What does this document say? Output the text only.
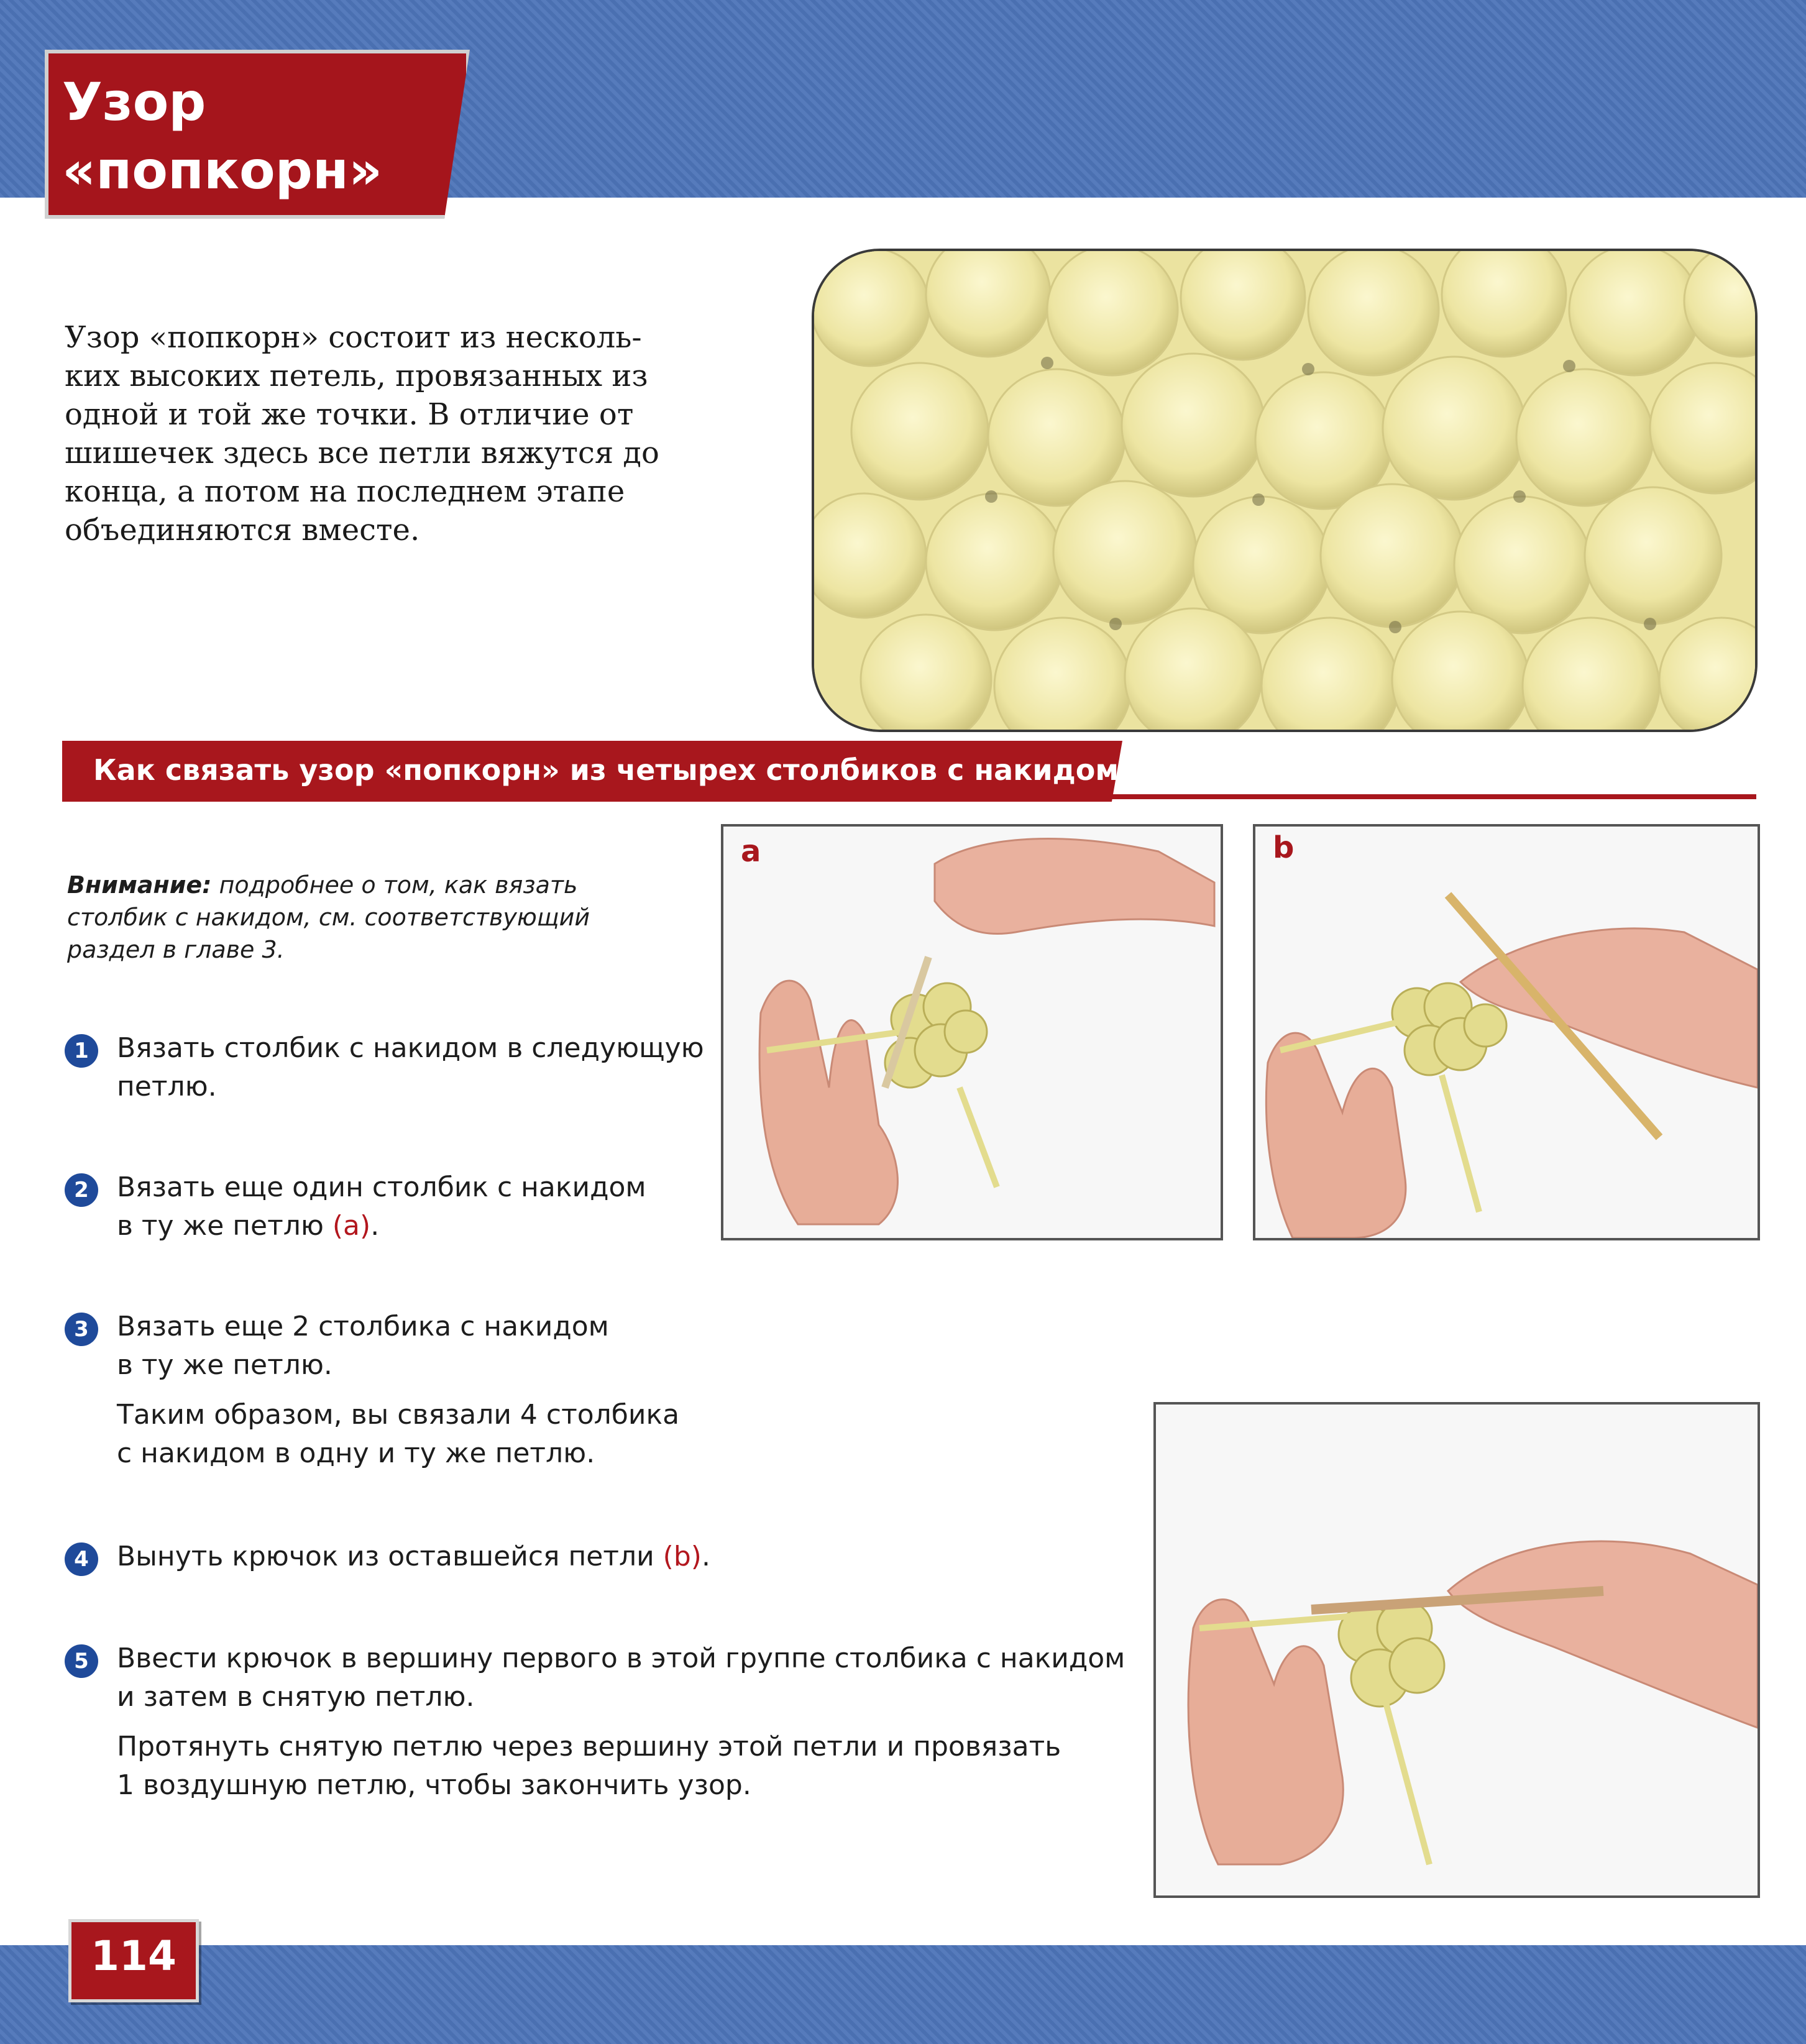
Узор
«попкорн»
Узор «попкорн» состоит из несколь-
ких высоких петель, провязанных из
одной и той же точки. В отличие от
шишечек здесь все петли вяжутся до
конца, а потом на последнем этапе
объединяются вместе.
Как связать узор «попкорн» из четырех столбиков с накидом
Внимание: подробнее о том, как вязать
столбик с накидом, см. соответствующий
раздел в главе 3.
1	Вязать столбик с накидом в следующую
петлю.
2	Вязать еще один столбик с накидом
в ту же петлю (a).
3	Вязать еще 2 столбика с накидом
в ту же петлю.
Таким образом, вы связали 4 столбика
с накидом в одну и ту же петлю.
4	Вынуть крючок из оставшейся петли (b).
5	Ввести крючок в вершину первого в этой группе столбика с накидом
и затем в снятую петлю.
Протянуть снятую петлю через вершину этой петли и провязать
1 воздушную петлю, чтобы закончить узор.
a	b
114
